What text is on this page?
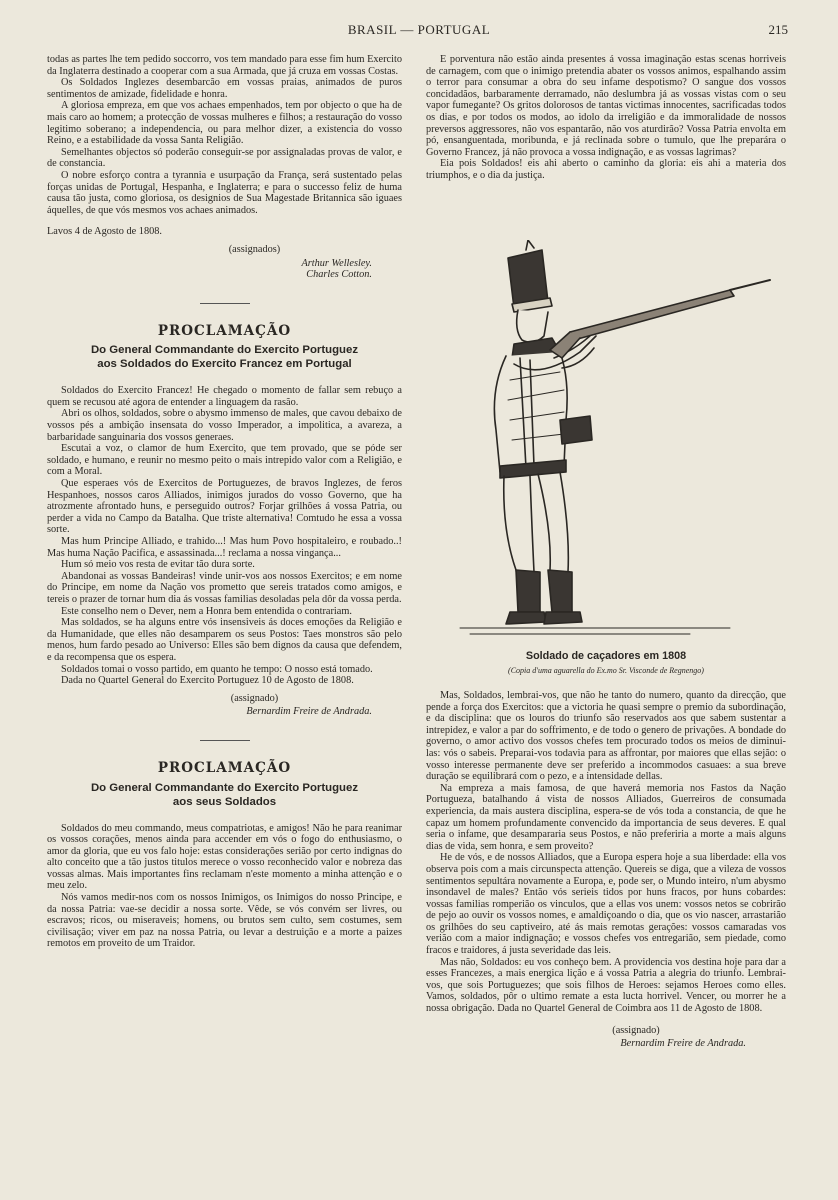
BRASIL — PORTUGAL	215

todas as partes lhe tem pedido soccorro, vos tem mandado para esse fim hum Exercito da Inglaterra destinado a cooperar com a sua Armada, que já cruza em vossas Costas.

Os Soldados Inglezes desembarcão em vossas praias, animados de puros sentimentos de amizade, fidelidade e honra.

A gloriosa empreza, em que vos achaes empenhados, tem por objecto o que ha de mais caro ao homem; a protecção de vossas mulheres e filhos; a restauração do vosso legitimo soberano; a independencia, ou para melhor dizer, a existencia do vosso Reino, e a estabilidade da vossa Santa Religião.

Semelhantes objectos só poderão conseguir-se por assignaladas provas de valor, e de constancia.

O nobre esforço contra a tyrannia e usurpação da França, será sustentado pelas forças unidas de Portugal, Hespanha, e Inglaterra; e para o successo feliz de huma causa tão justa, como gloriosa, os designios de Sua Magestade Britannica são iguaes áquelles, de que vós mesmos vos achaes animados.

Lavos 4 de Agosto de 1808.
(assignados)
Arthur Wellesley.
Charles Cotton.
PROCLAMAÇÃO
Do General Commandante do Exercito Portuguez
aos Soldados do Exercito Francez em Portugal

Soldados do Exercito Francez! He chegado o momento de fallar sem rebuço a quem se recusou até agora de entender a linguagem da rasão.

Abri os olhos, soldados, sobre o abysmo immenso de males, que cavou debaixo de vossos pés a ambição insensata do vosso Imperador, a impolitica, a avareza, a barbaridade sanguinaria dos vossos generaes.

Escutai a voz, o clamor de hum Exercito, que tem provado, que se póde ser soldado, e humano, e reunir no mesmo peito o mais intrepido valor com a Religião, e com a Moral.

Que esperaes vós de Exercitos de Portuguezes, de bravos Inglezes, de feros Hespanhoes, nossos caros Alliados, inimigos jurados do vosso Governo, que ha atrozmente afrontado huns, e perseguido outros? Forjar grilhões á vossa Patria, ou perder a vida no Campo da Batalha. Que triste alternativa! Comtudo he essa a vossa sorte.

Mas hum Principe Alliado, e trahido...! Mas hum Povo hospitaleiro, e roubado..! Mas huma Nação Pacifica, e assassinada...! reclama a nossa vingança...

Hum só meio vos resta de evitar tão dura sorte.

Abandonai as vossas Bandeiras! vinde unir-vos aos nossos Exercitos; e em nome do Principe, em nome da Nação vos prometto que sereis tratados como amigos, e tereis o prazer de tornar hum dia ás vossas familias desoladas pela dôr da vossa perda.

Este conselho nem o Dever, nem a Honra bem entendida o contrariam.

Mas soldados, se ha alguns entre vós insensiveis ás doces emoções da Religião e da Humanidade, que elles não desamparem os seus Postos: Taes monstros são pelo menos, hum fardo pesado ao Universo: Elles são bem dignos da causa que defendem, e da recompensa que os espera.

Soldados tomai o vosso partido, em quanto he tempo: O nosso está tomado.

Dada no Quartel General do Exercito Portuguez 10 de Agosto de 1808.

(assignado)
Bernardim Freire de Andrada.
PROCLAMAÇÃO
Do General Commandante do Exercito Portuguez
aos seus Soldados

Soldados do meu commando, meus compatriotas, e amigos! Não he para reanimar os vossos corações, menos ainda para accender em vós o fogo do enthusiasmo, o amor da gloria, que eu vos falo hoje: estas considerações serião por certo indignas do alto conceito que a tão justos titulos merece o vosso reconhecido valor e nobreza das vossas almas. Mais importantes fins reclamam n'este momento a minha attenção e o meu zelo.

Nós vamos medir-nos com os nossos Inimigos, os Inimigos do nosso Principe, e da nossa Patria: vae-se decidir a nossa sorte. Vêde, se vós convém ser livres, ou escravos; ricos, ou miseraveis; homens, ou brutos sem culto, sem costumes, sem civilisação; viver em paz na nossa Patria, ou levar a destruição e a morte a paizes remotos em proveito de um Traidor.

E porventura não estão ainda presentes á vossa imaginação estas scenas horriveis de carnagem, com que o inimigo pretendia abater os vossos animos, espalhando assim o terror para consumar a obra do seu infame despotismo? O sangue dos vossos concidadãos, barbaramente derramado, não deslumbra já as vossas vistas com o seu vapor fumegante? Os gritos dolorosos de tantas victimas innocentes, sacrificadas todos os dias, e por todos os modos, ao idolo da irreligião e da immoralidade de nossos preversos aggressores, não vos espantarão, não vos aturdirão? Vossa Patria envolta em pó, ensanguentada, moribunda, e já reclinada sobre o tumulo, que lhe preparára o Governo Francez, já não provoca a vossa indignação, e as vossas lagrimas?

Eia pois Soldados! eis ahi aberto o caminho da gloria: eis ahi a materia dos triumphos, e o dia da justiça.

Soldado de caçadores em 1808
(Copia d'uma aguarella do Ex.mo Sr. Visconde de Regnengo)

Mas, Soldados, lembrai-vos, que não he tanto do numero, quanto da direcção, que pende a força dos Exercitos: que a victoria he quasi sempre o premio da subordinação, e da disciplina: que os louros do triunfo são reservados aos que sabem sustentar a intrepidez, e valor a par do soffrimento, e de todo o genero de privações. A bondade do governo, o amor activo dos vossos chefes tem procurado todos os meios de diminui-las: vós o sabeis. Preparai-vos todavia para as affrontar, por maiores que ellas sejão: o vosso interesse permanente deve ser preferido a incommodos casuaes: a sua breve duração se equilibrará com o pezo, e a intensidade dellas.

Na empreza a mais famosa, de que haverá memoria nos Fastos da Nação Portugueza, batalhando á vista de nossos Alliados, Guerreiros de consumada experiencia, da mais austera disciplina, espera-se de vós toda a constancia, de que he capaz um homem profundamente convencido da importancia de seus deveres. E qual seria o infame, que desampararia seus Postos, e não preferiria a morte a mais alguns dias de vida, sem honra, e sem proveito?

He de vós, e de nossos Alliados, que a Europa espera hoje a sua liberdade: ella vos observa pois com a mais circunspecta attenção. Quereis se diga, que a vileza de vossos sentimentos sepultára novamente a Europa, e, pode ser, o Mundo inteiro, n'um abysmo insondavel de males? Então vós serieis tidos por huns fracos, por huns cobardes: vossas familias romperião os vinculos, que a ellas vos unem: vossos netos se cobrirão de pejo ao ouvir os vossos nomes, e amaldiçoando o dia, que os vio nascer, arrastarião os grilhões do seu captiveiro, até ás mais remotas gerações: vossos camaradas vos verião com a maior indignação; e vossos chefes vos entregarião, sem piedade, como fracos e traidores, á justa severidade das leis.

Mas não, Soldados: eu vos conheço bem. A providencia vos destina hoje para dar a esses Francezes, a mais energica lição e á vossa Patria a alegria do triunfo. Lembrai-vos, que sois Portuguezes; que sois filhos de Heroes: sejamos Heroes como elles. Vamos, soldados, pôr o ultimo remate a esta lucta horrivel. Vencer, ou morrer he a nossa obrigação. Dada no Quartel General de Coimbra aos 11 de Agosto de 1808.

(assignado)
Bernardim Freire de Andrada.
